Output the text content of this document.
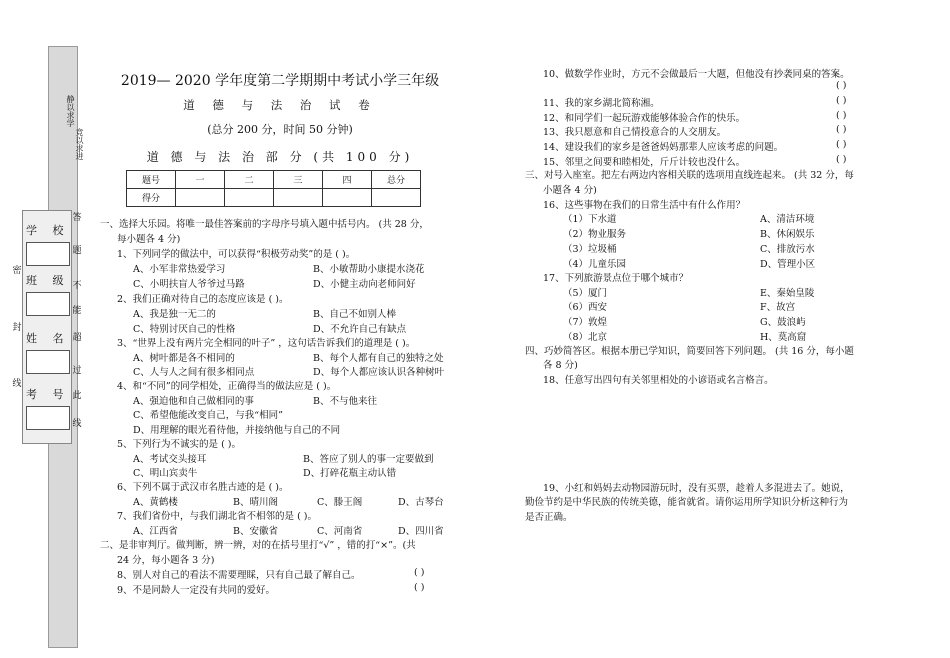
静以求学
竞以求进
学 校
班 级
姓 名
考 号
密
封
线
答
题
不
能
超
过
此
线
2019— 2020 学年度第二学期期中考试小学三年级
道 德 与 法 治 试 卷
(总分 200 分，时间 50 分钟)
道 德 与 法 治 部 分 (共 100 分)
题号	一	二	三	四	总分
得分					
一、选择大乐园。将唯一最佳答案前的字母序号填入题中括号内。 (共 28 分，
每小题各 4 分)
1、下列同学的做法中，可以获得“积极劳动奖”的是 ( )。
A、小军非常热爱学习	B、小敏帮助小康提水浇花
C、小明扶盲人爷爷过马路	D、小健主动向老师问好
2、我们正确对待自己的态度应该是 ( )。
A、我是独一无二的	B、自己不如别人棒
C、特别讨厌自己的性格	D、不允许自己有缺点
3、“世界上没有两片完全相同的叶子” ，这句话告诉我们的道理是 ( )。
A、树叶都是各不相同的	B、每个人都有自己的独特之处
C、人与人之间有很多相同点	D、每个人都应该认识各种树叶
4、和“不同”的同学相处，正确得当的做法应是 ( )。
A、强迫他和自己做相同的事	B、不与他来往
C、希望他能改变自己，与我“相同”
D、用理解的眼光看待他，并接纳他与自己的不同
5、下列行为不诚实的是 ( )。
A、考试交头接耳	B、答应了别人的事一定要做到
C、明山宾卖牛	D、打碎花瓶主动认错
6、下列不属于武汉市名胜古迹的是 ( )。
A、黄鹤楼	B、晴川阁	C、滕王阁	D、古琴台
7、我们省份中，与我们湖北省不相邻的是 ( )。
A、江西省	B、安徽省	C、河南省	D、四川省
二、是非审判厅。做判断，辨一辨，对的在括号里打“√” ，错的打“×”。(共
24 分，每小题各 3 分)
8、别人对自己的看法不需要理睬，只有自己最了解自己。	( )
9、不是同龄人一定没有共同的爱好。	( )
10、做数学作业时，方元不会做最后一大题，但他没有抄袭同桌的答案。
( )
11、我的家乡湖北简称湘。	( )
12、和同学们一起玩游戏能够体验合作的快乐。	( )
13、我只愿意和自己情投意合的人交朋友。	( )
14、建设我们的家乡是爸爸妈妈那辈人应该考虑的问题。	( )
15、邻里之间要和睦相处，斤斤计较也没什么。	( )
三、对号入座室。把左右两边内容相关联的选项用直线连起来。 (共 32 分，每
小题各 4 分)
16、这些事物在我们的日常生活中有什么作用？
（1）下水道	A、清洁环境
（2）物业服务	B、休闲娱乐
（3）垃圾桶	C、排放污水
（4）儿童乐园	D、管理小区
17、下列旅游景点位于哪个城市？
（5）厦门	E、秦始皇陵
（6）西安	F、故宫
（7）敦煌	G、鼓浪屿
（8）北京	H、莫高窟
四、巧妙简答区。根据本册已学知识，简要回答下列问题。 (共 16 分，每小题
各 8 分)
18、任意写出四句有关邻里相处的小谚语或名言格言。
19、小红和妈妈去动物园游玩时，没有买票，趁着人多混进去了。她说，
勤俭节约是中华民族的传统美德，能省就省。请你运用所学知识分析这种行为
是否正确。
